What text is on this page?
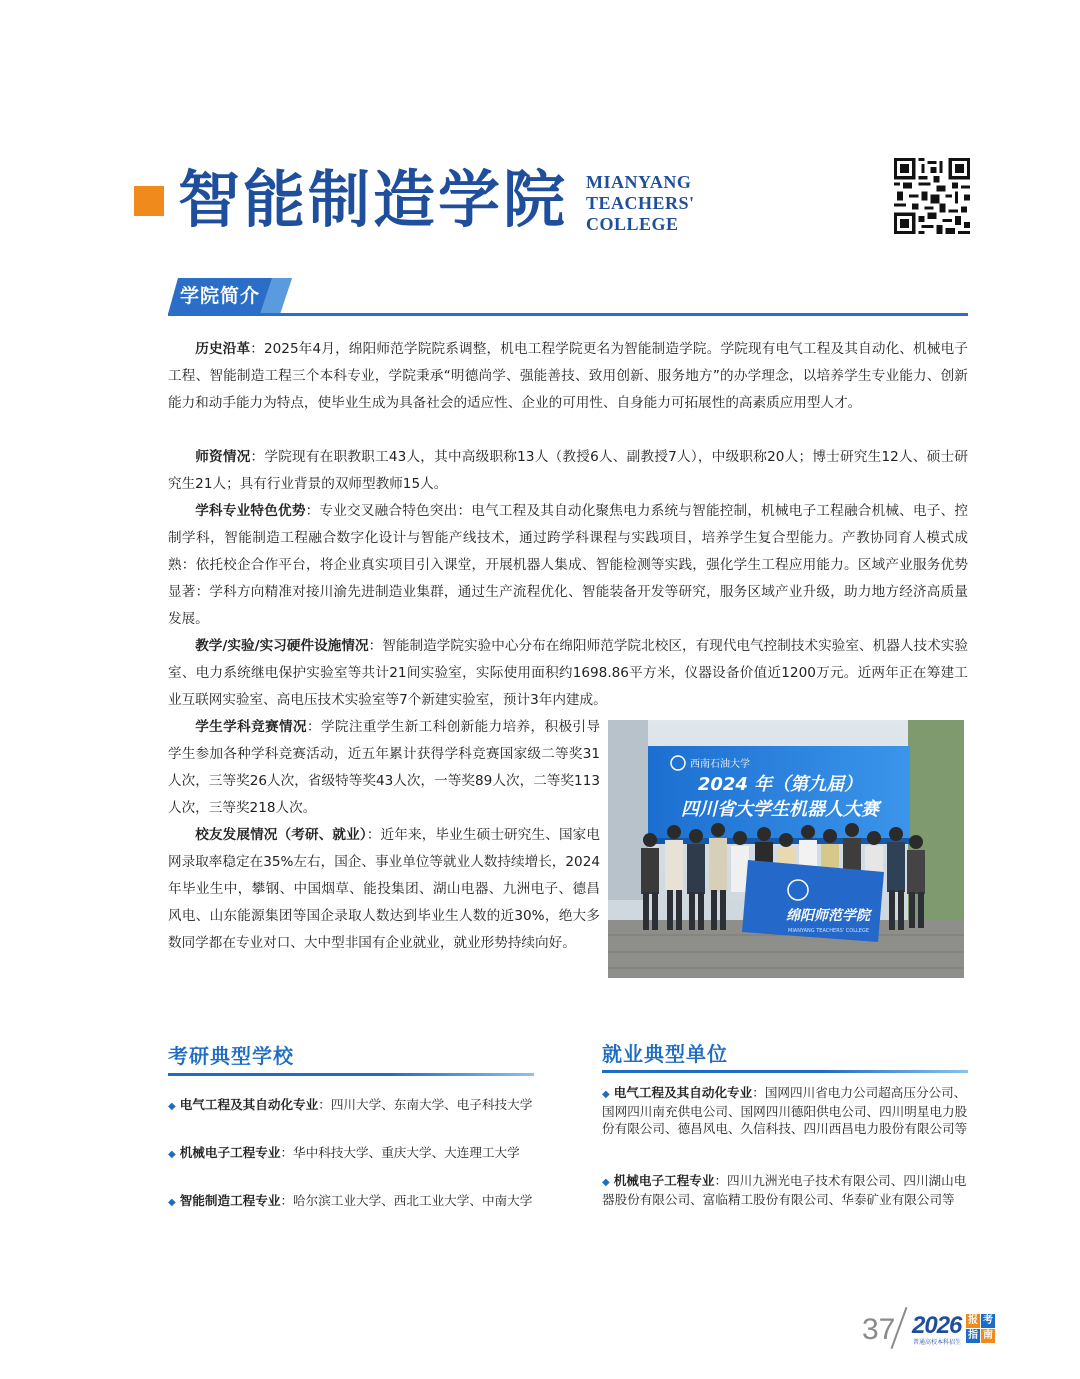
智能制造学院 MIANYANG
TEACHERS'
COLLEGE
学院简介
历史沿革：2025年4月，绵阳师范学院院系调整，机电工程学院更名为智能制造学院。学院现有电气工程及其自动化、机械电子工程、智能制造工程三个本科专业，学院秉承“明德尚学、强能善技、致用创新、服务地方”的办学理念，以培养学生专业能力、创新能力和动手能力为特点，使毕业生成为具备社会的适应性、企业的可用性、自身能力可拓展性的高素质应用型人才。
师资情况：学院现有在职教职工43人，其中高级职称13人（教授6人、副教授7人），中级职称20人；博士研究生12人、硕士研究生21人；具有行业背景的双师型教师15人。
学科专业特色优势：专业交叉融合特色突出：电气工程及其自动化聚焦电力系统与智能控制，机械电子工程融合机械、电子、控制学科，智能制造工程融合数字化设计与智能产线技术，通过跨学科课程与实践项目，培养学生复合型能力。产教协同育人模式成熟：依托校企合作平台，将企业真实项目引入课堂，开展机器人集成、智能检测等实践，强化学生工程应用能力。区域产业服务优势显著：学科方向精准对接川渝先进制造业集群，通过生产流程优化、智能装备开发等研究，服务区域产业升级，助力地方经济高质量发展。
教学/实验/实习硬件设施情况：智能制造学院实验中心分布在绵阳师范学院北校区，有现代电气控制技术实验室、机器人技术实验室、电力系统继电保护实验室等共计21间实验室，实际使用面积约1698.86平方米，仪器设备价值近1200万元。近两年正在筹建工业互联网实验室、高电压技术实验室等7个新建实验室，预计3年内建成。
学生学科竞赛情况：学院注重学生新工科创新能力培养，积极引导学生参加各种学科竞赛活动，近五年累计获得学科竞赛国家级二等奖31人次，三等奖26人次，省级特等奖43人次，一等奖89人次，二等奖113人次，三等奖218人次。
校友发展情况（考研、就业）：近年来，毕业生硕士研究生、国家电网录取率稳定在35%左右，国企、事业单位等就业人数持续增长，2024年毕业生中，攀钢、中国烟草、能投集团、湖山电器、九洲电子、德昌风电、山东能源集团等国企录取人数达到毕业生人数的近30%，绝大多数同学都在专业对口、大中型非国有企业就业，就业形势持续向好。
西南石油大学
2024 年（第九届）
四川省大学生机器人大赛
绵阳师范学院
MIANYANG TEACHERS' COLLEGE
考研典型学校
◆ 电气工程及其自动化专业：四川大学、东南大学、电子科技大学
◆ 机械电子工程专业：华中科技大学、重庆大学、大连理工大学
◆ 智能制造工程专业：哈尔滨工业大学、西北工业大学、中南大学
就业典型单位
◆ 电气工程及其自动化专业：国网四川省电力公司超高压分公司、国网四川南充供电公司、国网四川德阳供电公司、四川明星电力股份有限公司、德昌风电、久信科技、四川西昌电力股份有限公司等
◆ 机械电子工程专业：四川九洲光电子技术有限公司、四川湖山电器股份有限公司、富临精工股份有限公司、华泰矿业有限公司等
37 2026 报 考
指 南
普通高校本科招生
